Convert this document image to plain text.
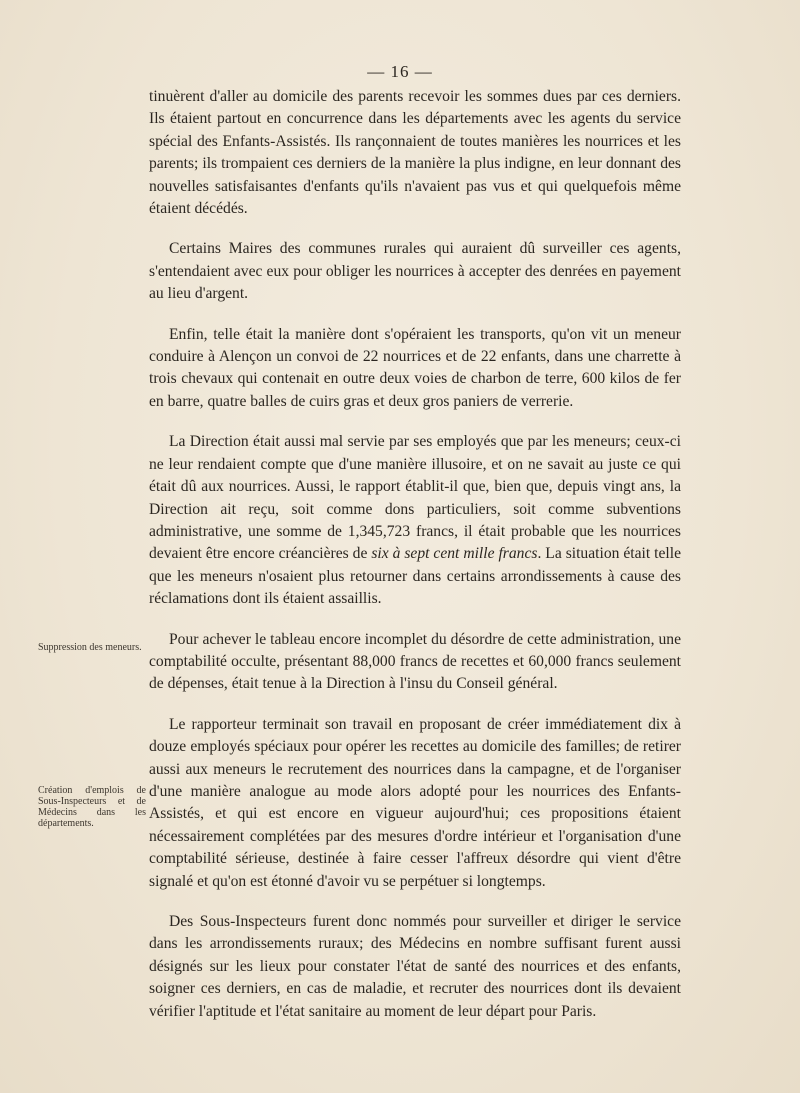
— 16 —
Suppression des meneurs.
Création d'emplois de Sous-Inspecteurs et de Médecins dans les départements.

tinuèrent d'aller au domicile des parents recevoir les sommes dues par ces derniers. Ils étaient partout en concurrence dans les départements avec les agents du service spécial des Enfants-Assistés. Ils rançonnaient de toutes manières les nourrices et les parents; ils trompaient ces derniers de la manière la plus indigne, en leur donnant des nouvelles satisfaisantes d'enfants qu'ils n'avaient pas vus et qui quelquefois même étaient décédés.

Certains Maires des communes rurales qui auraient dû surveiller ces agents, s'entendaient avec eux pour obliger les nourrices à accepter des denrées en payement au lieu d'argent.

Enfin, telle était la manière dont s'opéraient les transports, qu'on vit un meneur conduire à Alençon un convoi de 22 nourrices et de 22 enfants, dans une charrette à trois chevaux qui contenait en outre deux voies de charbon de terre, 600 kilos de fer en barre, quatre balles de cuirs gras et deux gros paniers de verrerie.

La Direction était aussi mal servie par ses employés que par les meneurs; ceux-ci ne leur rendaient compte que d'une manière illusoire, et on ne savait au juste ce qui était dû aux nourrices. Aussi, le rapport établit-il que, bien que, depuis vingt ans, la Direction ait reçu, soit comme dons particuliers, soit comme subventions administrative, une somme de 1,345,723 francs, il était probable que les nourrices devaient être encore créancières de six à sept cent mille francs. La situation était telle que les meneurs n'osaient plus retourner dans certains arrondissements à cause des réclamations dont ils étaient assaillis.

Pour achever le tableau encore incomplet du désordre de cette administration, une comptabilité occulte, présentant 88,000 francs de recettes et 60,000 francs seulement de dépenses, était tenue à la Direction à l'insu du Conseil général.

Le rapporteur terminait son travail en proposant de créer immédiatement dix à douze employés spéciaux pour opérer les recettes au domicile des familles; de retirer aussi aux meneurs le recrutement des nourrices dans la campagne, et de l'organiser d'une manière analogue au mode alors adopté pour les nourrices des Enfants-Assistés, et qui est encore en vigueur aujourd'hui; ces propositions étaient nécessairement complétées par des mesures d'ordre intérieur et l'organisation d'une comptabilité sérieuse, destinée à faire cesser l'affreux désordre qui vient d'être signalé et qu'on est étonné d'avoir vu se perpétuer si longtemps.

Des Sous-Inspecteurs furent donc nommés pour surveiller et diriger le service dans les arrondissements ruraux; des Médecins en nombre suffisant furent aussi désignés sur les lieux pour constater l'état de santé des nourrices et des enfants, soigner ces derniers, en cas de maladie, et recruter des nourrices dont ils devaient vérifier l'aptitude et l'état sanitaire au moment de leur départ pour Paris.
